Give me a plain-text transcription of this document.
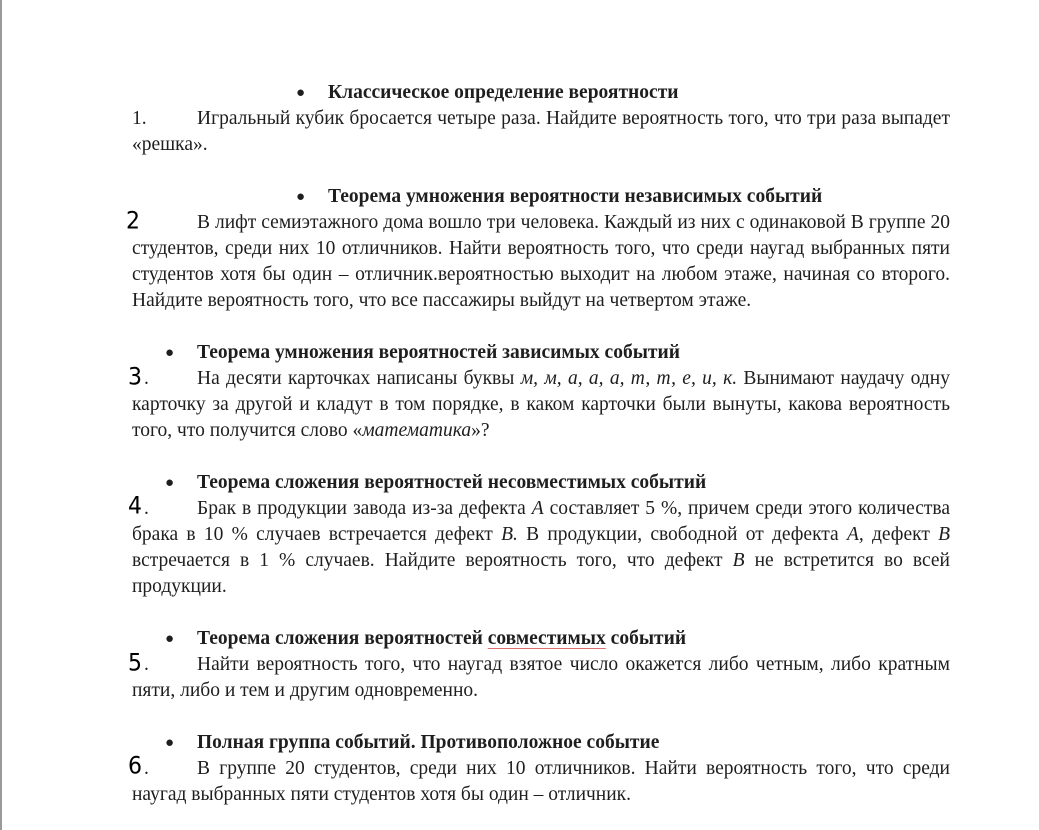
● Классическое определение вероятности
1.	Игральный кубик бросается четыре раза. Найдите вероятность того, что три раза выпадет «решка».
● Теорема умножения вероятности независимых событий
2	В лифт семиэтажного дома вошло три человека. Каждый из них с одинаковой В группе 20 студентов, среди них 10 отличников. Найти вероятность того, что среди наугад выбранных пяти студентов хотя бы один – отличник.вероятностью выходит на любом этаже, начиная со второго. Найдите вероятность того, что все пассажиры выйдут на четвертом этаже.
● Теорема умножения вероятностей зависимых событий
3 . На десяти карточках написаны буквы м, м, а, а, а, т, т, е, и, к. Вынимают наудачу одну карточку за другой и кладут в том порядке, в каком карточки были вынуты, какова вероятность того, что получится слово «математика»?
● Теорема сложения вероятностей несовместимых событий
4 . Брак в продукции завода из-за дефекта А составляет 5 %, причем среди этого количества брака в 10 % случаев встречается дефект В. В продукции, свободной от дефекта А, дефект В встречается в 1 % случаев. Найдите вероятность того, что дефект В не встретится во всей продукции.
● Теорема сложения вероятностей совместимых событий
5 . Найти вероятность того, что наугад взятое число окажется либо четным, либо кратным пяти, либо и тем и другим одновременно.
● Полная группа событий. Противоположное событие
6 . В группе 20 студентов, среди них 10 отличников. Найти вероятность того, что среди наугад выбранных пяти студентов хотя бы один – отличник.
